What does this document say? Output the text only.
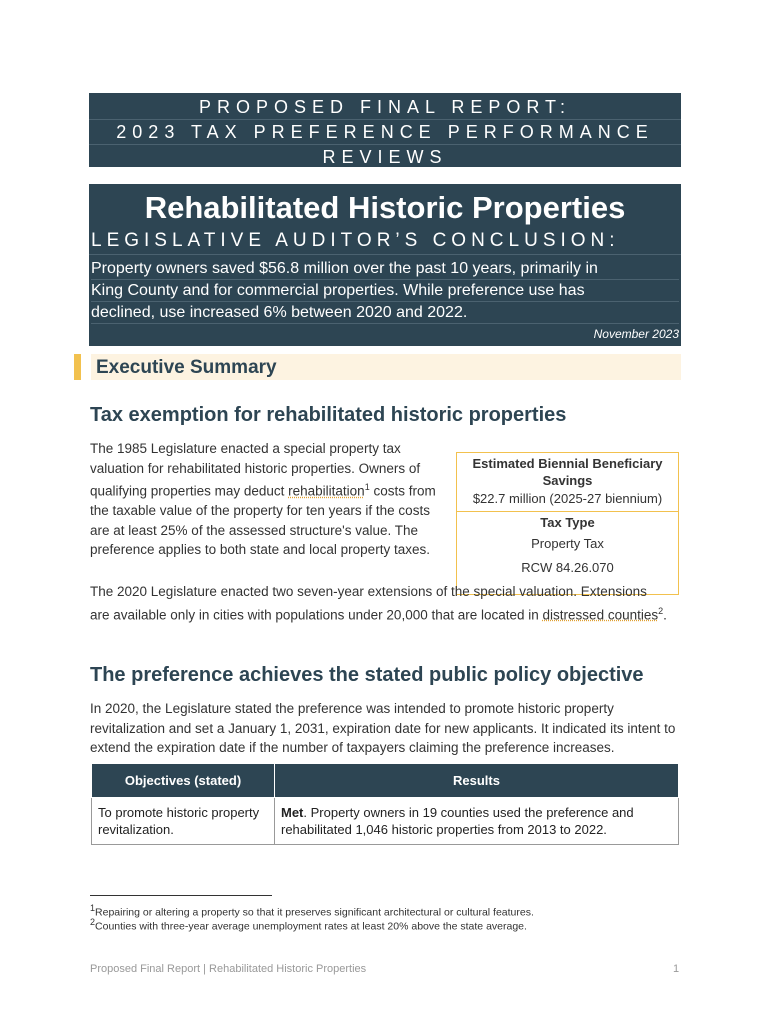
PROPOSED FINAL REPORT:
2023 TAX PREFERENCE PERFORMANCE
REVIEWS
Rehabilitated Historic Properties
LEGISLATIVE AUDITOR’S CONCLUSION:
Property owners saved $56.8 million over the past 10 years, primarily in
King County and for commercial properties. While preference use has
declined, use increased 6% between 2020 and 2022.
November 2023
Executive Summary
Tax exemption for rehabilitated historic properties
The 1985 Legislature enacted a special property tax valuation for rehabilitated historic properties. Owners of qualifying properties may deduct rehabilitation$^1$ costs from the taxable value of the property for ten years if the costs are at least 25% of the assessed structure's value. The preference applies to both state and local property taxes.
Estimated Biennial Beneficiary Savings
$22.7 million (2025-27 biennium)
Tax Type
Property Tax
RCW 84.26.070
The 2020 Legislature enacted two seven-year extensions of the special valuation. Extensions are available only in cities with populations under 20,000 that are located in distressed counties$^2$.
The preference achieves the stated public policy objective
In 2020, the Legislature stated the preference was intended to promote historic property revitalization and set a January 1, 2031, expiration date for new applicants. It indicated its intent to extend the expiration date if the number of taxpayers claiming the preference increases.
Objectives (stated)	Results
To promote historic property revitalization.	Met. Property owners in 19 counties used the preference and rehabilitated 1,046 historic properties from 2013 to 2022.
$^1$Repairing or altering a property so that it preserves significant architectural or cultural features.
$^2$Counties with three-year average unemployment rates at least 20% above the state average.
Proposed Final Report | Rehabilitated Historic Properties	1
